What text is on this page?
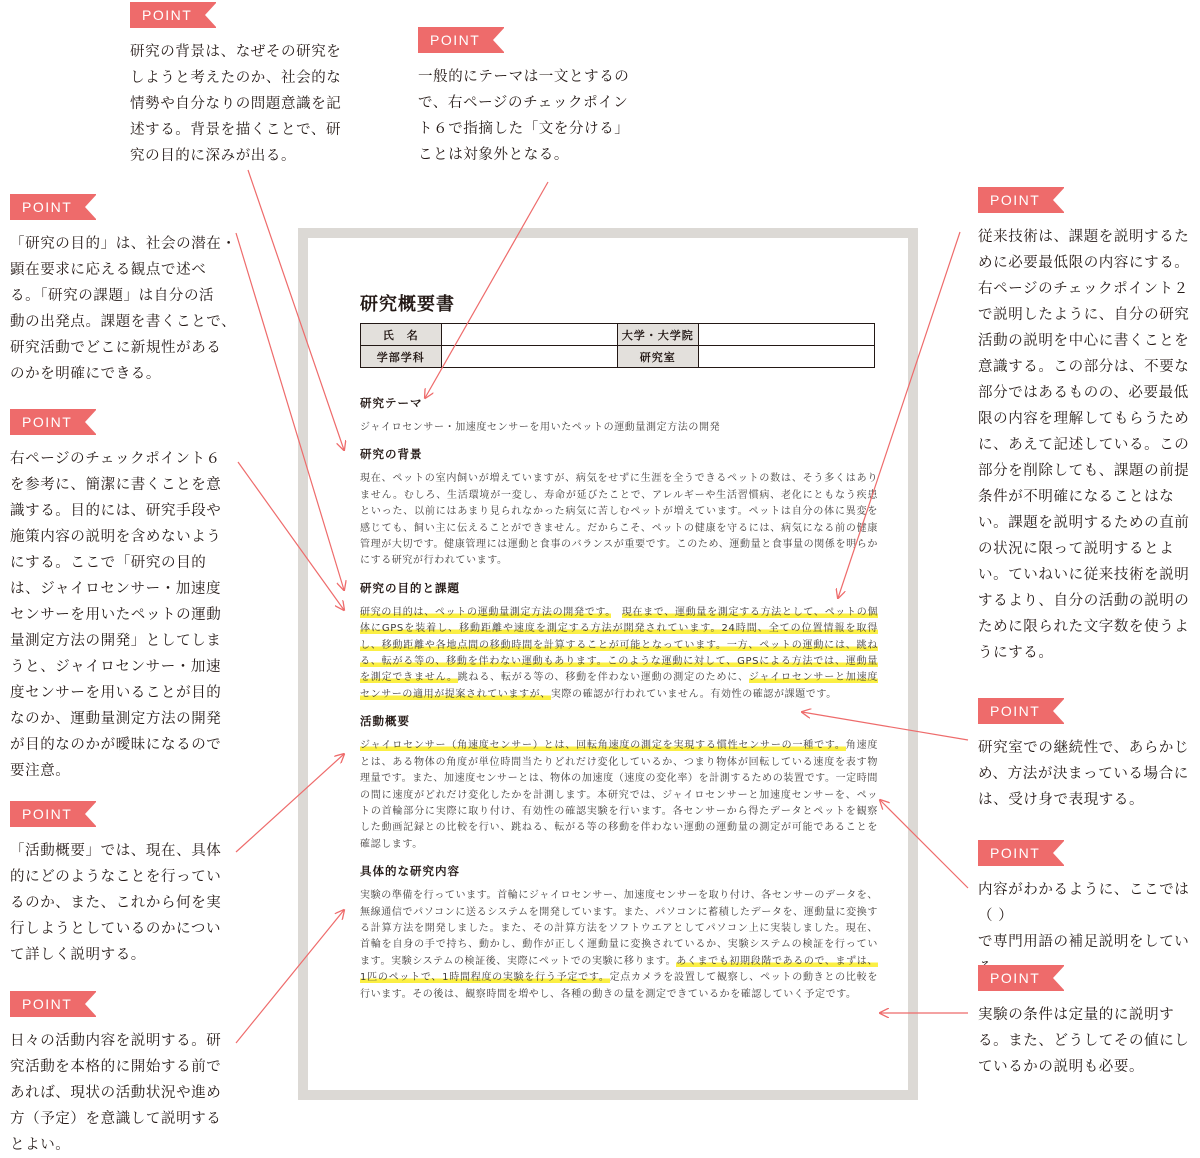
研究概要書
氏　名		大学・大学院	
学部学科		研究室	
研究テーマ

ジャイロセンサー・加速度センサーを用いたペットの運動量測定方法の開発

研究の背景

現在、ペットの室内飼いが増えていますが、病気をせずに生涯を全うできるペットの数は、そう多くはありません。むしろ、生活環境が一変し、寿命が延びたことで、アレルギーや生活習慣病、老化にともなう疾患といった、以前にはあまり見られなかった病気に苦しむペットが増えています。ペットは自分の体に異変を感じても、飼い主に伝えることができません。だからこそ、ペットの健康を守るには、病気になる前の健康管理が大切です。健康管理には運動と食事のバランスが重要です。このため、運動量と食事量の関係を明らかにする研究が行われています。

研究の目的と課題

研究の目的は、ペットの運動量測定方法の開発です。　 現在まで、運動量を測定する方法として、ペットの個体にGPSを装着し、移動距離や速度を測定する方法が開発されています。24時間、全ての位置情報を取得し、移動距離や各地点間の移動時間を計算することが可能となっています。一方、ペットの運動には、跳ねる、転がる等の、移動を伴わない運動もあります。このような運動に対して、GPSによる方法では、運動量を測定できません。跳ねる、転がる等の、移動を伴わない運動の測定のために、ジャイロセンサーと加速度センサーの適用が提案されていますが、実際の確認が行われていません。有効性の確認が課題です。

活動概要

ジャイロセンサー（角速度センサー）とは、回転角速度の測定を実現する慣性センサーの一種です。角速度とは、ある物体の角度が単位時間当たりどれだけ変化しているか、つまり物体が回転している速度を表す物理量です。また、加速度センサーとは、物体の加速度（速度の変化率）を計測するための装置です。一定時間の間に速度がどれだけ変化したかを計測します。本研究では、ジャイロセンサーと加速度センサーを、ペットの首輪部分に実際に取り付け、有効性の確認実験を行います。各センサーから得たデータとペットを観察した動画記録との比較を行い、跳ねる、転がる等の移動を伴わない運動の運動量の測定が可能であることを確認します。

具体的な研究内容

実験の準備を行っています。首輪にジャイロセンサー、加速度センサーを取り付け、各センサーのデータを、無線通信でパソコンに送るシステムを開発しています。また、パソコンに蓄積したデータを、運動量に変換する計算方法を開発しました。また、その計算方法をソフトウエアとしてパソコン上に実装しました。現在、首輪を自身の手で持ち、動かし、動作が正しく運動量に変換されているか、実験システムの検証を行っています。実験システムの検証後、実際にペットでの実験に移ります。あくまでも初期段階であるので、まずは、1匹のペットで、1時間程度の実験を行う予定です。定点カメラを設置して観察し、ペットの動きとの比較を行います。その後は、観察時間を増やし、各種の動きの量を測定できているかを確認していく予定です。

POINT
研究の背景は、なぜその研究を
しようと考えたのか、社会的な
情勢や自分なりの問題意識を記
述する。背景を描くことで、研
究の目的に深みが出る。
POINT
一般的にテーマは一文とするの
で、右ページのチェックポイン
ト６で指摘した「文を分ける」
ことは対象外となる。
POINT
「研究の目的」は、社会の潜在・
顕在要求に応える観点で述べ
る。「研究の課題」は自分の活
動の出発点。課題を書くことで、
研究活動でどこに新規性がある
のかを明確にできる。
POINT
右ページのチェックポイント６
を参考に、簡潔に書くことを意
識する。目的には、研究手段や
施策内容の説明を含めないよう
にする。ここで「研究の目的
は、ジャイロセンサー・加速度
センサーを用いたペットの運動
量測定方法の開発」としてしま
うと、ジャイロセンサー・加速
度センサーを用いることが目的
なのか、運動量測定方法の開発
が目的なのかが曖昧になるので
要注意。
POINT
「活動概要」では、現在、具体
的にどのようなことを行ってい
るのか、また、これから何を実
行しようとしているのかについ
て詳しく説明する。
POINT
日々の活動内容を説明する。研
究活動を本格的に開始する前で
あれば、現状の活動状況や進め
方（予定）を意識して説明する
とよい。
POINT
従来技術は、課題を説明するた
めに必要最低限の内容にする。
右ページのチェックポイント２
で説明したように、自分の研究
活動の説明を中心に書くことを
意識する。この部分は、不要な
部分ではあるものの、必要最低
限の内容を理解してもらうため
に、あえて記述している。この
部分を削除しても、課題の前提
条件が不明確になることはな
い。課題を説明するための直前
の状況に限って説明するとよ
い。ていねいに従来技術を説明
するより、自分の活動の説明の
ために限られた文字数を使うよ
うにする。
POINT
研究室での継続性で、あらかじ
め、方法が決まっている場合に
は、受け身で表現する。
POINT
内容がわかるように、ここでは（ ）
で専門用語の補足説明をしてい

POINT
実験の条件は定量的に説明す
る。また、どうしてその値にし
ているかの説明も必要。
